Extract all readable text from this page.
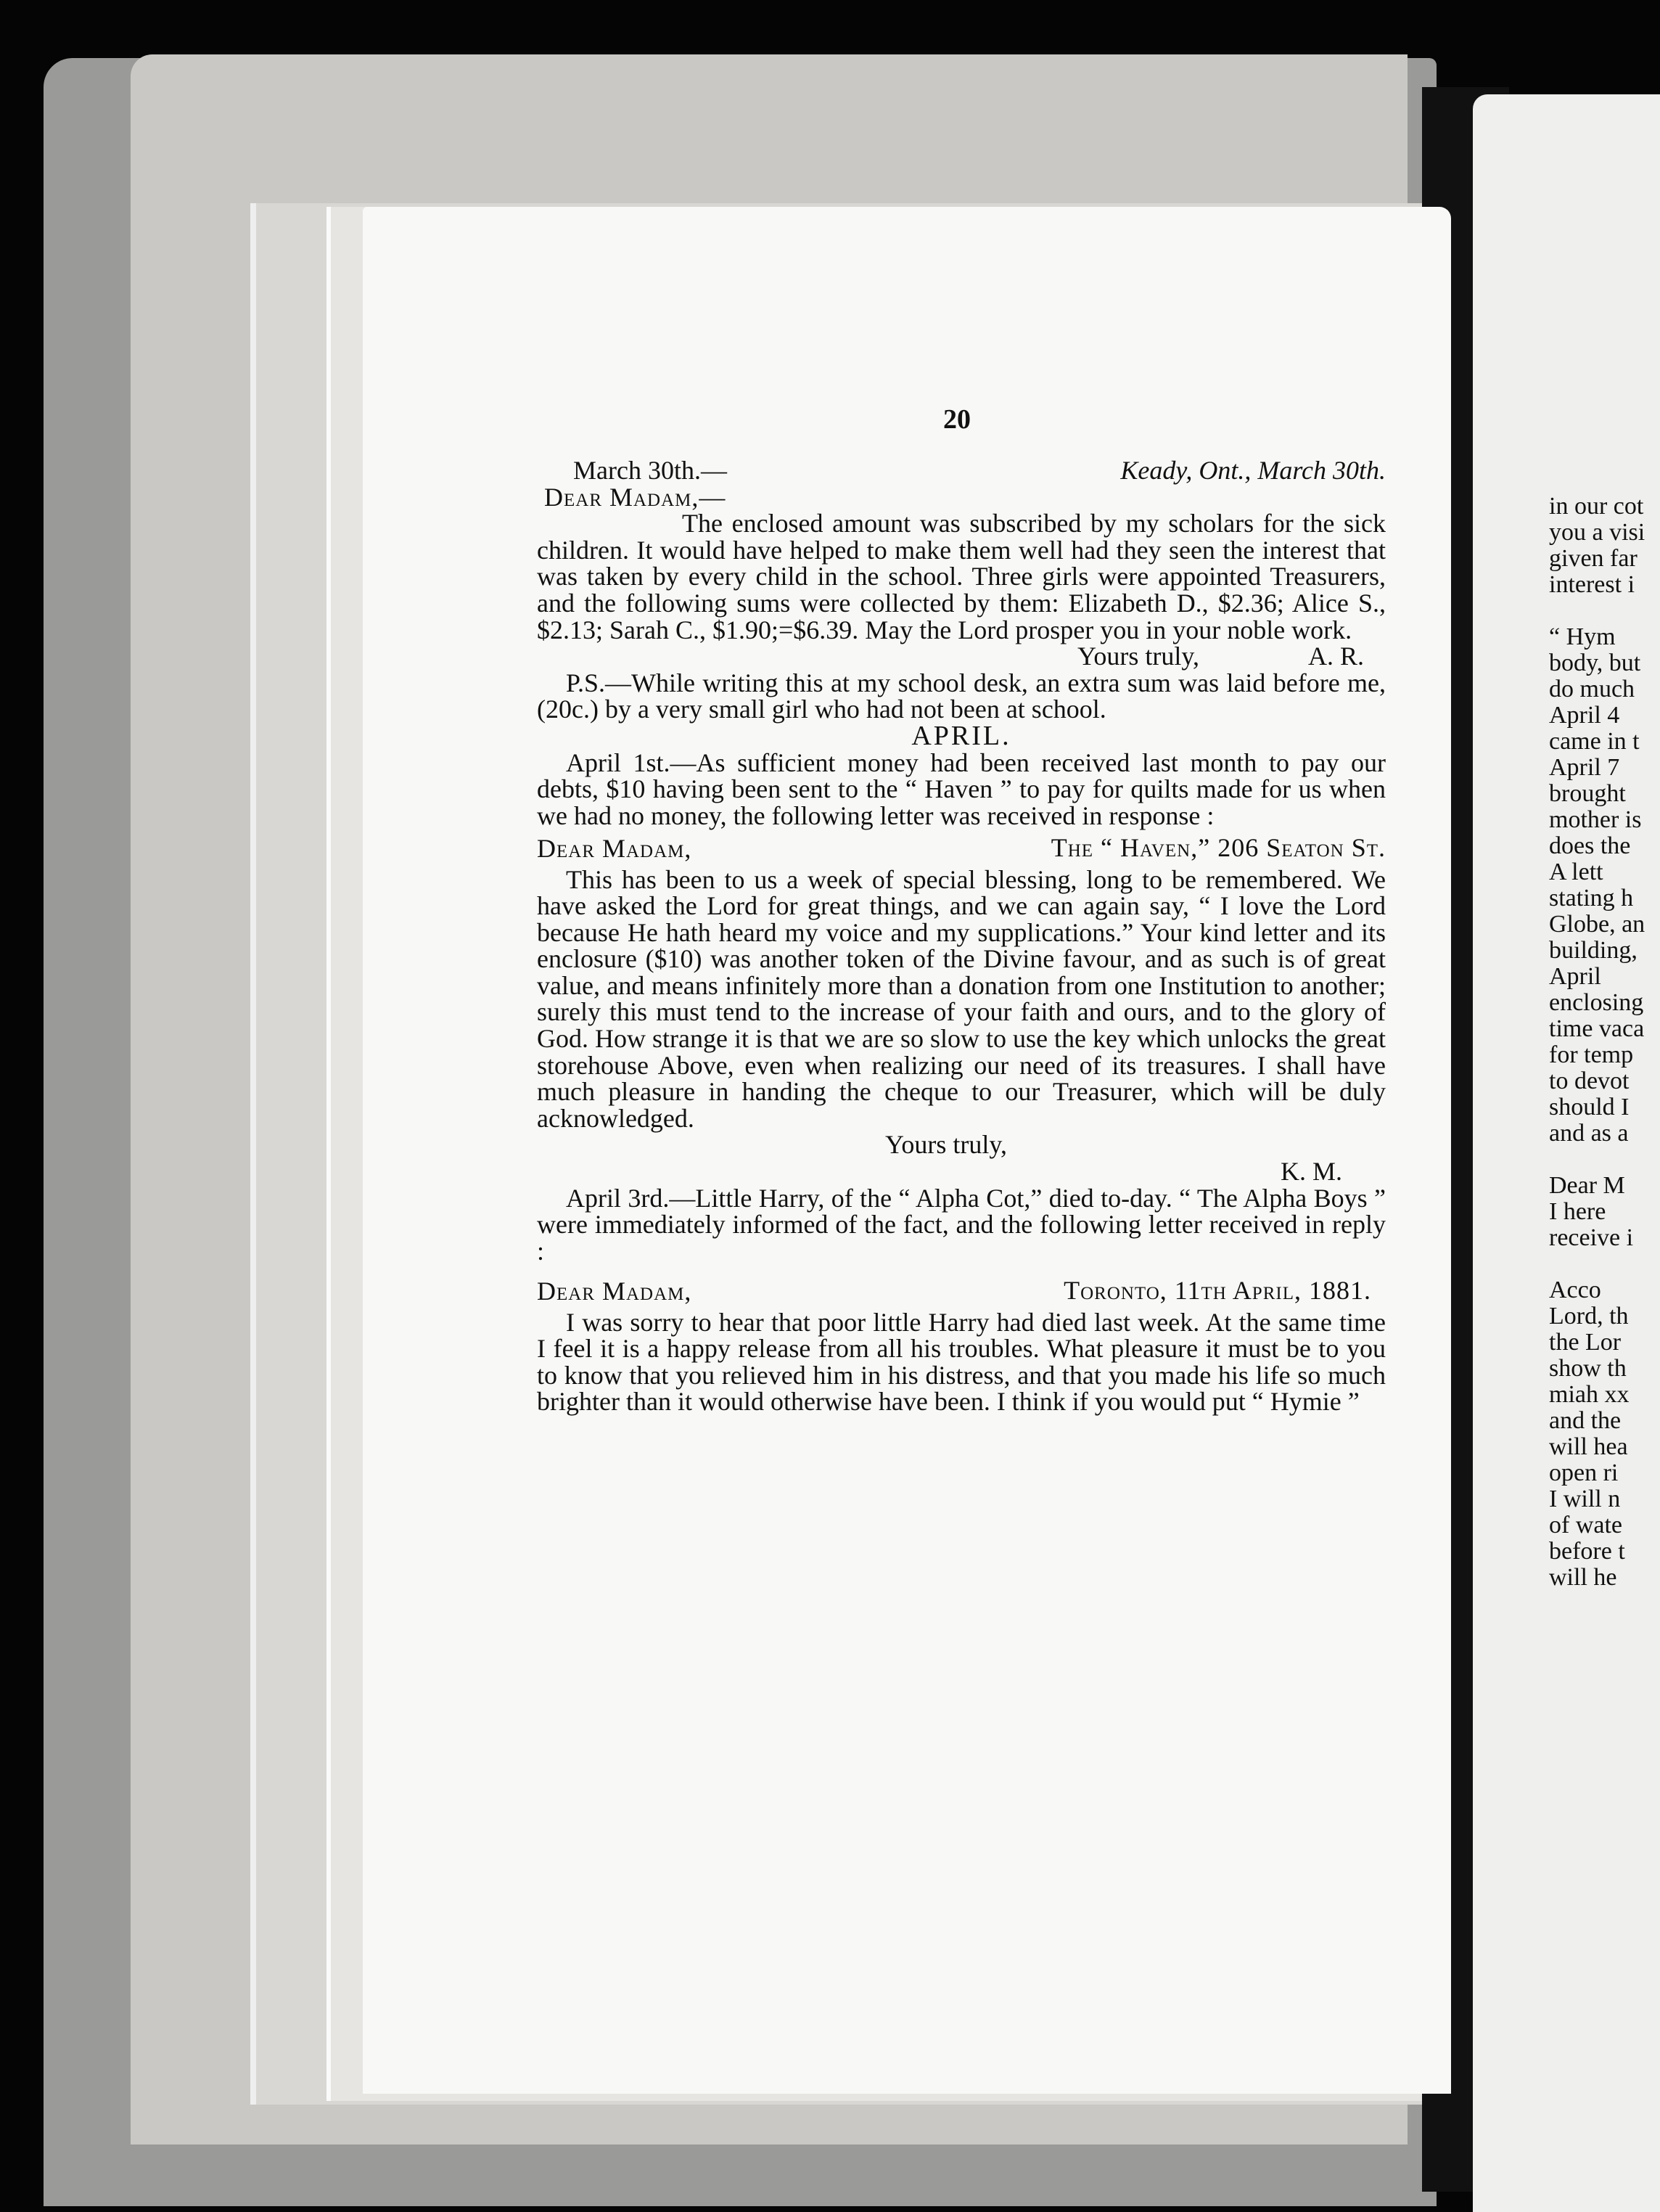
20
March 30th.—	Keady, Ont., March 30th.

Dear Madam,—

The enclosed amount was subscribed by my scholars for the sick children. It would have helped to make them well had they seen the interest that was taken by every child in the school. Three girls were appointed Treasurers, and the following sums were collected by them: Elizabeth D., $2.36; Alice S., $2.13; Sarah C., $1.90;=$6.39. May the Lord prosper you in your noble work.

Yours truly,	A. R.

P.S.—While writing this at my school desk, an extra sum was laid before me, (20c.) by a very small girl who had not been at school.

APRIL.

April 1st.—As sufficient money had been received last month to pay our debts, $10 having been sent to the “ Haven ” to pay for quilts made for us when we had no money, the following letter was received in response :

The “ Haven,” 206 Seaton St.

Dear Madam,

This has been to us a week of special blessing, long to be remembered. We have asked the Lord for great things, and we can again say, “ I love the Lord because He hath heard my voice and my supplications.” Your kind letter and its enclosure ($10) was another token of the Divine favour, and as such is of great value, and means infinitely more than a donation from one Institution to another; surely this must tend to the increase of your faith and ours, and to the glory of God. How strange it is that we are so slow to use the key which unlocks the great storehouse Above, even when realizing our need of its treasures. I shall have much pleasure in handing the cheque to our Treasurer, which will be duly acknowledged.

Yours truly,

K. M.

April 3rd.—Little Harry, of the “ Alpha Cot,” died to-day. “ The Alpha Boys ” were immediately informed of the fact, and the following letter received in reply :

Toronto, 11th April, 1881.

Dear Madam,

I was sorry to hear that poor little Harry had died last week. At the same time I feel it is a happy release from all his troubles. What pleasure it must be to you to know that you relieved him in his distress, and that you made his life so much brighter than it would otherwise have been. I think if you would put “ Hymie ”

in our cot

you a visi

given far

interest i

“ Hym

body, but

do much

April 4

came in t

April 7

brought

mother is

does the

A lett

stating h

Globe, an

building,

April

enclosing

time vaca

for temp

to devot

should I

and as a

Dear M

I here

receive i

Acco

Lord, th

the Lor

show th

miah xx

and the

will hea

open ri

I will n

of wate

before t

will he
